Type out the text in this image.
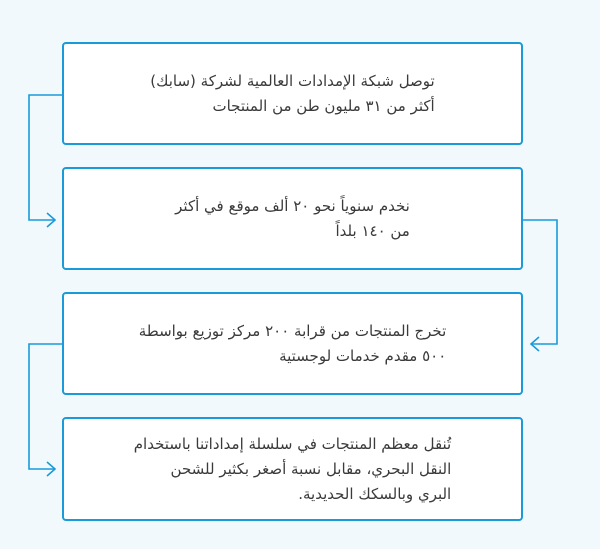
توصل شبكة الإمدادات العالمية لشركة (سابك)
أكثر من ٣١ مليون طن من المنتجات
نخدم سنوياً نحو ٢٠ ألف موقع في أكثر
من ١٤٠ بلداً
تخرج المنتجات من قرابة ٢٠٠ مركز توزيع بواسطة
٥٠٠ مقدم خدمات لوجستية
تُنقل معظم المنتجات في سلسلة إمداداتنا باستخدام
النقل البحري، مقابل نسبة أصغر بكثير للشحن
البري وبالسكك الحديدية.
